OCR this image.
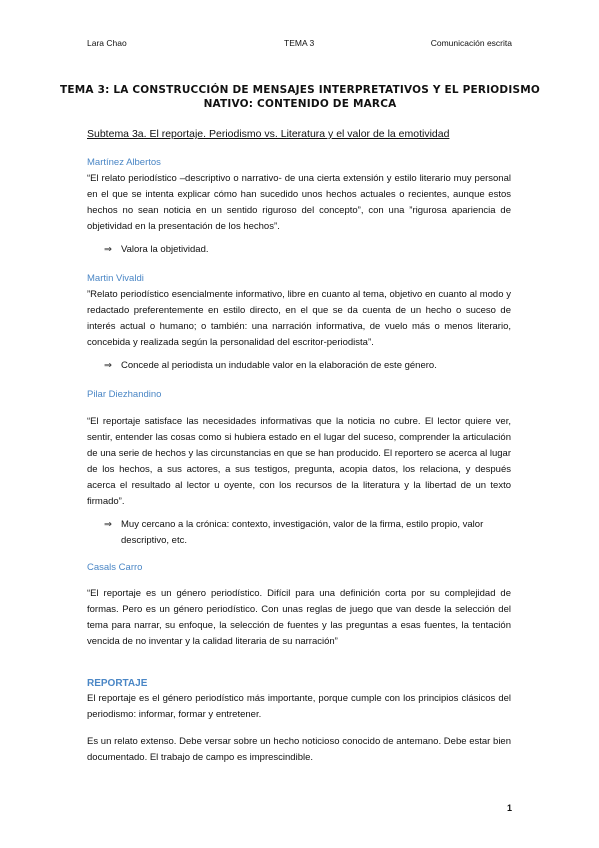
Lara Chao	TEMA 3	Comunicación escrita
TEMA 3: LA CONSTRUCCIÓN DE MENSAJES INTERPRETATIVOS Y EL PERIODISMO NATIVO: CONTENIDO DE MARCA
Subtema 3a. El reportaje. Periodismo vs. Literatura y el valor de la emotividad
Martínez Albertos
“El relato periodístico –descriptivo o narrativo- de una cierta extensión y estilo literario muy personal en el que se intenta explicar cómo han sucedido unos hechos actuales o recientes, aunque estos hechos no sean noticia en un sentido riguroso del concepto”, con una ”rigurosa apariencia de objetividad en la presentación de los hechos”.
⇒ Valora la objetividad.
Martin Vivaldi
”Relato periodístico esencialmente informativo, libre en cuanto al tema, objetivo en cuanto al modo y redactado preferentemente en estilo directo, en el que se da cuenta de un hecho o suceso de interés actual o humano; o también: una narración informativa, de vuelo más o menos literario, concebida y realizada según la personalidad del escritor-periodista”.
⇒ Concede al periodista un indudable valor en la elaboración de este género.
Pilar Diezhandino
“El reportaje satisface las necesidades informativas que la noticia no cubre. El lector quiere ver, sentir, entender las cosas como si hubiera estado en el lugar del suceso, comprender la articulación de una serie de hechos y las circunstancias en que se han producido. El reportero se acerca al lugar de los hechos, a sus actores, a sus testigos, pregunta, acopia datos, los relaciona, y después acerca el resultado al lector u oyente, con los recursos de la literatura y la libertad de un texto firmado”.
⇒ Muy cercano a la crónica: contexto, investigación, valor de la firma, estilo propio, valor descriptivo, etc.
Casals Carro
“El reportaje es un género periodístico. Difícil para una definición corta por su complejidad de formas. Pero es un género periodístico. Con unas reglas de juego que van desde la selección del tema para narrar, su enfoque, la selección de fuentes y las preguntas a esas fuentes, la tentación vencida de no inventar y la calidad literaria de su narración”
REPORTAJE
El reportaje es el género periodístico más importante, porque cumple con los principios clásicos del periodismo: informar, formar y entretener.
Es un relato extenso. Debe versar sobre un hecho noticioso conocido de antemano. Debe estar bien documentado. El trabajo de campo es imprescindible.
1
